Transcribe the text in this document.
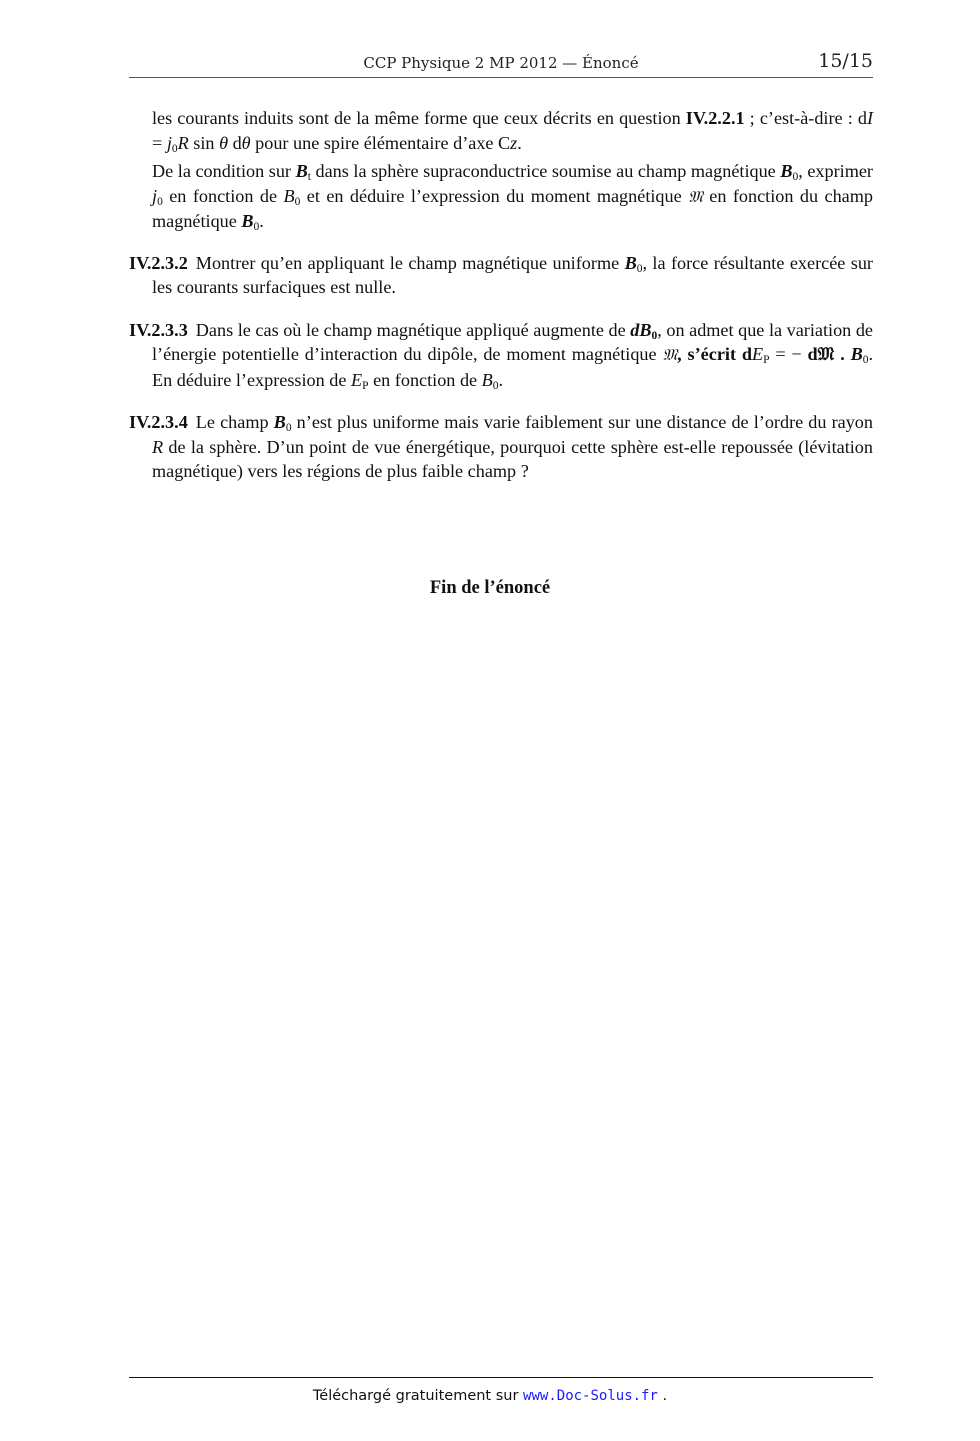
CCP Physique 2 MP 2012 — Énoncé	15/15

les courants induits sont de la même forme que ceux décrits en question IV.2.2.1 ; c’est-à-dire : dI = $j_0R$ sin θ dθ pour une spire élémentaire d’axe Cz.

De la condition sur $B_t$ dans la sphère supraconductrice soumise au champ magnétique $B_0$, exprimer $j_0$ en fonction de $B_0$ et en déduire l’expression du moment magnétique 𝔐 en fonction du champ magnétique $B_0$.

IV.2.3.2 Montrer qu’en appliquant le champ magnétique uniforme $B_0$, la force résultante exercée sur les courants surfaciques est nulle.

IV.2.3.3 Dans le cas où le champ magnétique appliqué augmente de $dB_0$, on admet que la variation de l’énergie potentielle d’interaction du dipôle, de moment magnétique 𝔐, s’écrit $dE_P$ = − d𝔐 . $B_0$. En déduire l’expression de $E_P$ en fonction de $B_0$.

IV.2.3.4 Le champ $B_0$ n’est plus uniforme mais varie faiblement sur une distance de l’ordre du rayon R de la sphère. D’un point de vue énergétique, pourquoi cette sphère est-elle repoussée (lévitation magnétique) vers les régions de plus faible champ ?

Fin de l’énoncé
Téléchargé gratuitement sur www.Doc-Solus.fr .
